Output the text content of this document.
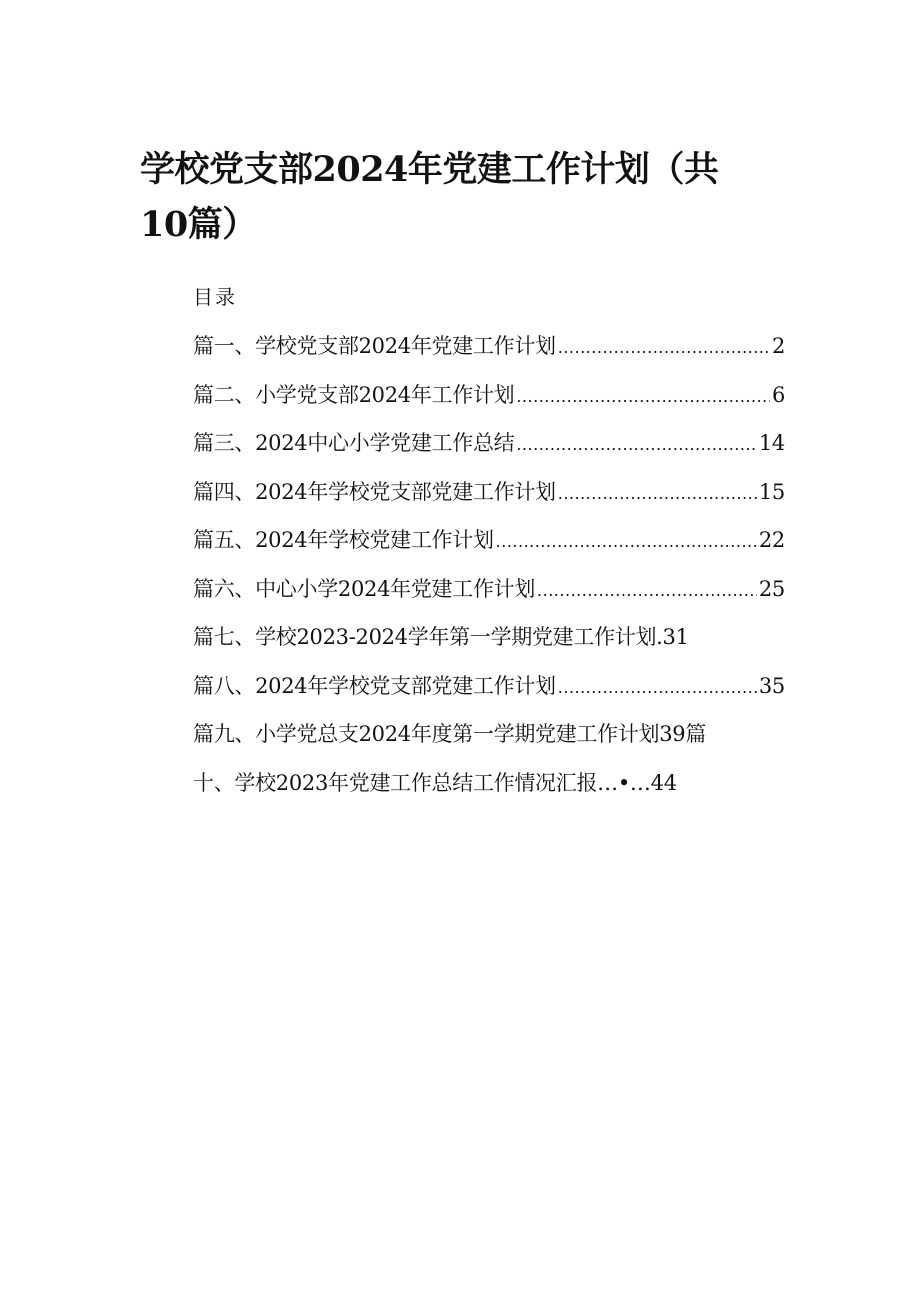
学校党支部2024年党建工作计划（共10篇）
目录
篇一、学校党支部2024年党建工作计划 .....	2
篇二、小学党支部2024年工作计划 .....	6
篇三、2024中心小学党建工作总结 .....	14
篇四、2024年学校党支部党建工作计划 .....	15
篇五、2024年学校党建工作计划 .....	22
篇六、中心小学2024年党建工作计划 .....	25
篇七、学校2023-2024学年第一学期党建工作计划.31
篇八、2024年学校党支部党建工作计划 .....	35
篇九、小学党总支2024年度第一学期党建工作计划39篇
十、学校2023年党建工作总结工作情况汇报…•…44
